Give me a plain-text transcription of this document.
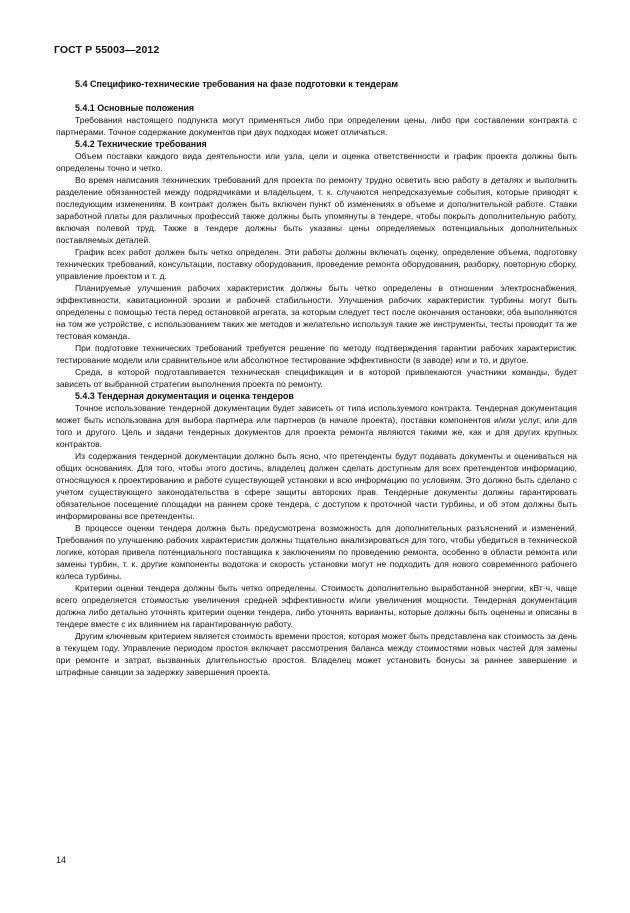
ГОСТ Р 55003—2012
5.4 Специфико-технические требования на фазе подготовки к тендерам
5.4.1 Основные положения

Требования настоящего подпункта могут применяться либо при определении цены, либо при составлении контракта с партнерами. Точное содержание документов при двух подходах может отличаться.

5.4.2 Технические требования

Объем поставки каждого вида деятельности или узла, цели и оценка ответственности и график проекта должны быть определены точно и четко.

Во время написания технических требований для проекта по ремонту трудно осветить всю работу в деталях и выполнить разделение обязанностей между подрядчиками и владельцем, т. к. случаются непредсказуемые события, которые приводят к последующим изменениям. В контракт должен быть включен пункт об изменениях в объеме и дополнительной работе. Ставки заработной платы для различных профессий также должны быть упомянуты в тендере, чтобы покрыть дополнительную работу, включая полевой труд. Также в тендере должны быть указаны цены определяемых потенциальных дополнительных поставляемых деталей.

График всех работ должен быть четко определен. Эти работы должны включать оценку, определение объема, подготовку технических требований, консультации, поставку оборудования, проведение ремонта оборудования, разборку, повторную сборку, управление проектом и т. д.

Планируемые улучшения рабочих характеристик должны быть четко определены в отношении электроснабжения, эффективности, кавитационной эрозии и рабочей стабильности. Улучшения рабочих характеристик турбины могут быть определены с помощью теста перед остановкой агрегата, за которым следует тест после окончания остановки; оба выполняются на том же устройстве, с использованием таких же методов и желательно используя такие же инструменты, тесты проводит та же тестовая команда.

При подготовке технических требований требуется решение по методу подтверждения гарантии рабочих характеристик: тестирование модели или сравнительное или абсолютное тестирование эффективности (в заводе) или и то, и другое.

Среда, в которой подготавливается техническая спецификация и в которой привлекаются участники команды, будет зависеть от выбранной стратегии выполнения проекта по ремонту.

5.4.3 Тендерная документация и оценка тендеров

Точное использование тендерной документации будет зависеть от типа используемого контракта. Тендерная документация может быть использована для выбора партнера или партнеров (в начале проекта), поставки компонентов и/или услуг, или для того и другого. Цель и задачи тендерных документов для проекта ремонта являются такими же, как и для других крупных контрактов.

Из содержания тендерной документации должно быть ясно, что претенденты будут подавать документы и оцениваться на общих основаниях. Для того, чтобы этого достичь, владелец должен сделать доступным для всех претендентов информацию, относящуюся к проектированию и работе существующей установки и всю информацию по условиям. Это должно быть сделано с учетом существующего законодательства в сфере защиты авторских прав. Тендерные документы должны гарантировать обязательное посещение площадки на раннем сроке тендера, с доступом к проточной части турбины, и об этом должны быть информированы все претенденты.

В процессе оценки тендера должна быть предусмотрена возможность для дополнительных разъяснений и изменений. Требования по улучшению рабочих характеристик должны тщательно анализироваться для того, чтобы убедиться в технической логике, которая привела потенциального поставщика к заключениям по проведению ремонта, особенно в области ремонта или замены турбин, т. к. другие компоненты водотока и скорость установки могут не подходить для нового современного рабочего колеса турбины.

Критерии оценки тендера должны быть четко определены. Стоимость дополнительно выработанной энергии, кВт·ч, чаще всего определяется стоимостью увеличения средней эффективности и/или увеличения мощности. Тендерная документация должна либо детально уточнять критерии оценки тендера, либо уточнять варианты, которые должны быть оценены и описаны в тендере вместе с их влиянием на гарантированную работу.

Другим ключевым критерием является стоимость времени простоя, которая может быть представлена как стоимость за день в текущем году. Управление периодом простоя включает рассмотрения баланса между стоимостями новых частей для замены при ремонте и затрат, вызванных длительностью простоя. Владелец может установить бонусы за раннее завершение и штрафные санкции за задержку завершения проекта.

14
